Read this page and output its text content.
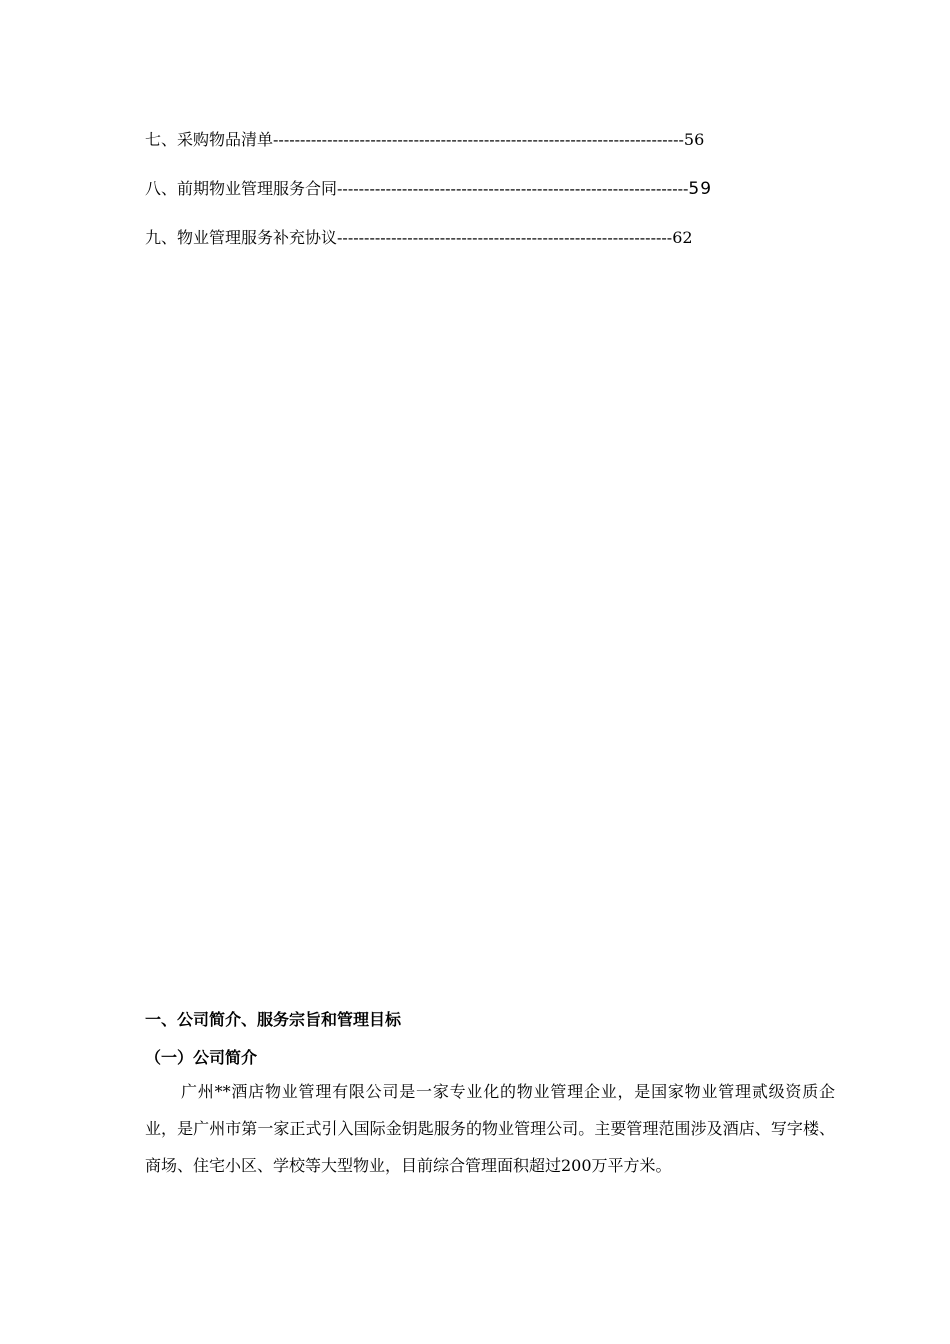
七、采购物品清单----------------------------------------------------------------------------56
八、前期物业管理服务合同-----------------------------------------------------------------59
九、物业管理服务补充协议--------------------------------------------------------------62
一、公司简介、服务宗旨和管理目标
（一）公司简介

广州**酒店物业管理有限公司是一家专业化的物业管理企业，是国家物业管理贰级资质企业，是广州市第一家正式引入国际金钥匙服务的物业管理公司。主要管理范围涉及酒店、写字楼、商场、住宅小区、学校等大型物业，目前综合管理面积超过200万平方米。
